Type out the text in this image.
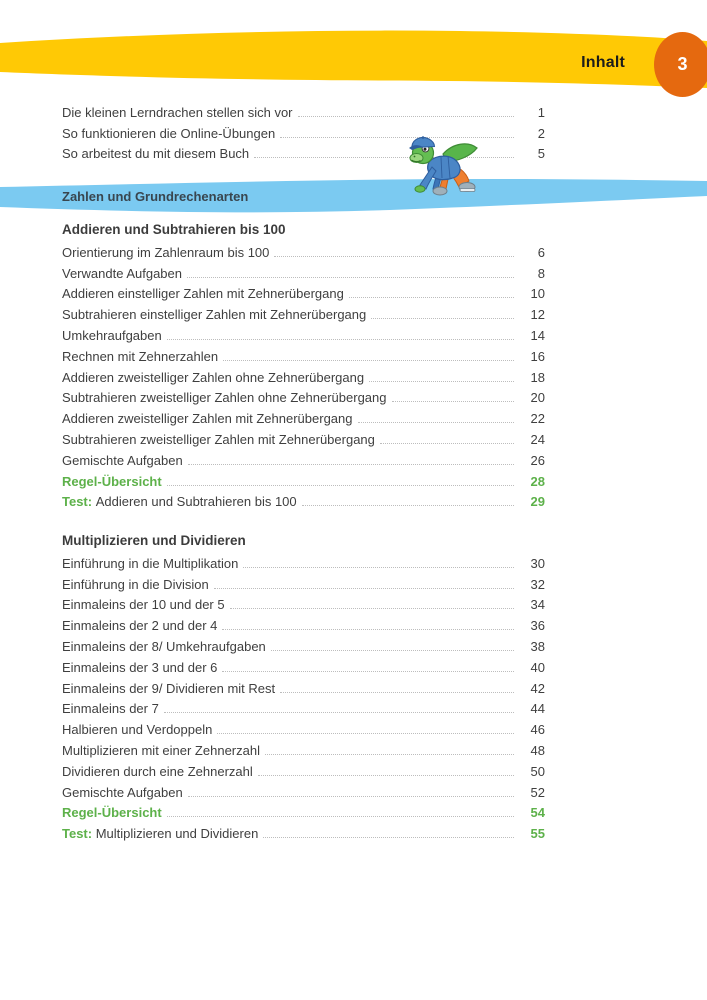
Inhalt	3
Die kleinen Lerndrachen stellen sich vor	1
So funktionieren die Online-Übungen	2
So arbeitest du mit diesem Buch	5
Zahlen und Grundrechenarten
Addieren und Subtrahieren bis 100
Orientierung im Zahlenraum bis 100	6
Verwandte Aufgaben	8
Addieren einstelliger Zahlen mit Zehnerübergang	10
Subtrahieren einstelliger Zahlen mit Zehnerübergang	12
Umkehraufgaben	14
Rechnen mit Zehnerzahlen	16
Addieren zweistelliger Zahlen ohne Zehnerübergang	18
Subtrahieren zweistelliger Zahlen ohne Zehnerübergang	20
Addieren zweistelliger Zahlen mit Zehnerübergang	22
Subtrahieren zweistelliger Zahlen mit Zehnerübergang	24
Gemischte Aufgaben	26
Regel-Übersicht	28
Test: Addieren und Subtrahieren bis 100	29
Multiplizieren und Dividieren
Einführung in die Multiplikation	30
Einführung in die Division	32
Einmaleins der 10 und der 5	34
Einmaleins der 2 und der 4	36
Einmaleins der 8/ Umkehraufgaben	38
Einmaleins der 3 und der 6	40
Einmaleins der 9/ Dividieren mit Rest	42
Einmaleins der 7	44
Halbieren und Verdoppeln	46
Multiplizieren mit einer Zehnerzahl	48
Dividieren durch eine Zehnerzahl	50
Gemischte Aufgaben	52
Regel-Übersicht	54
Test: Multiplizieren und Dividieren	55
